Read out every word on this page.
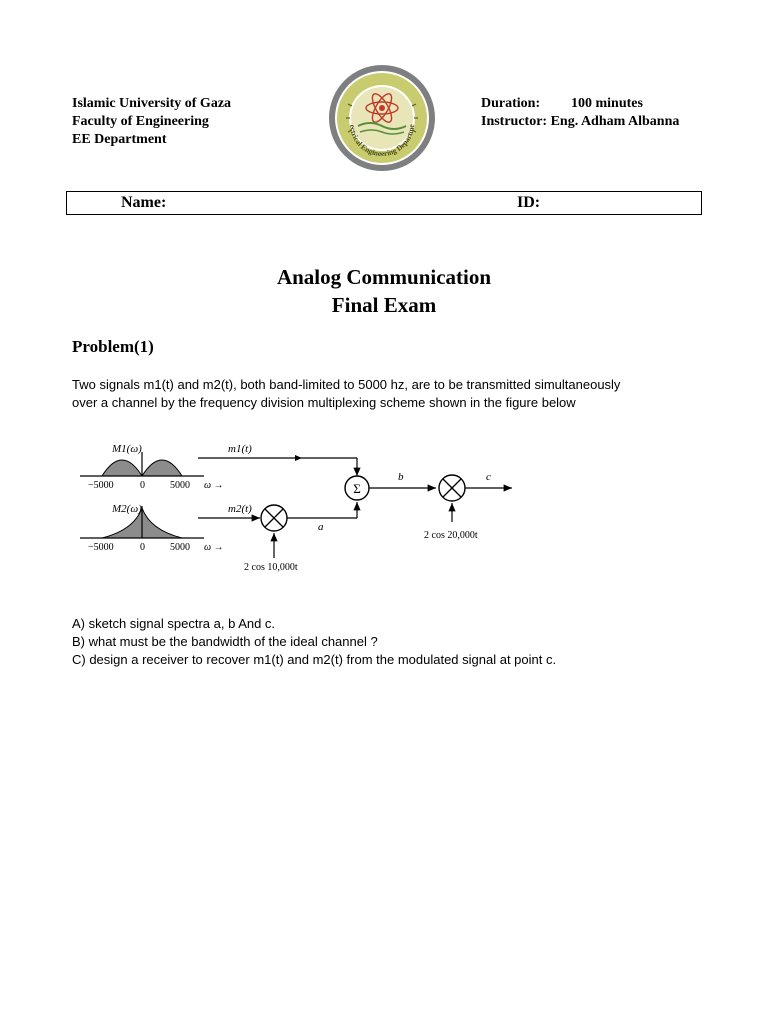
Islamic University of Gaza
Faculty of Engineering
EE Department
ectrical Engineering Departme
Duration:	100 minutes
Instructor: Eng. Adham Albanna
Name:	ID:
Analog Communication
Final Exam
Problem(1)
Two signals m1(t) and m2(t), both band-limited to 5000 hz, are to be transmitted simultaneously
over a channel by the frequency division multiplexing scheme shown in the figure below
M1(ω)
−5000	0	5000 ω →
M2(ω)
−5000	0	5000 ω →
m1(t)
Σ
m2(t)
2 cos 10,000t
a
b
2 cos 20,000t
c
A) sketch signal spectra a, b And c.
B) what must be the bandwidth of the ideal channel ?
C) design a receiver to recover m1(t) and m2(t) from the modulated signal at point c.
